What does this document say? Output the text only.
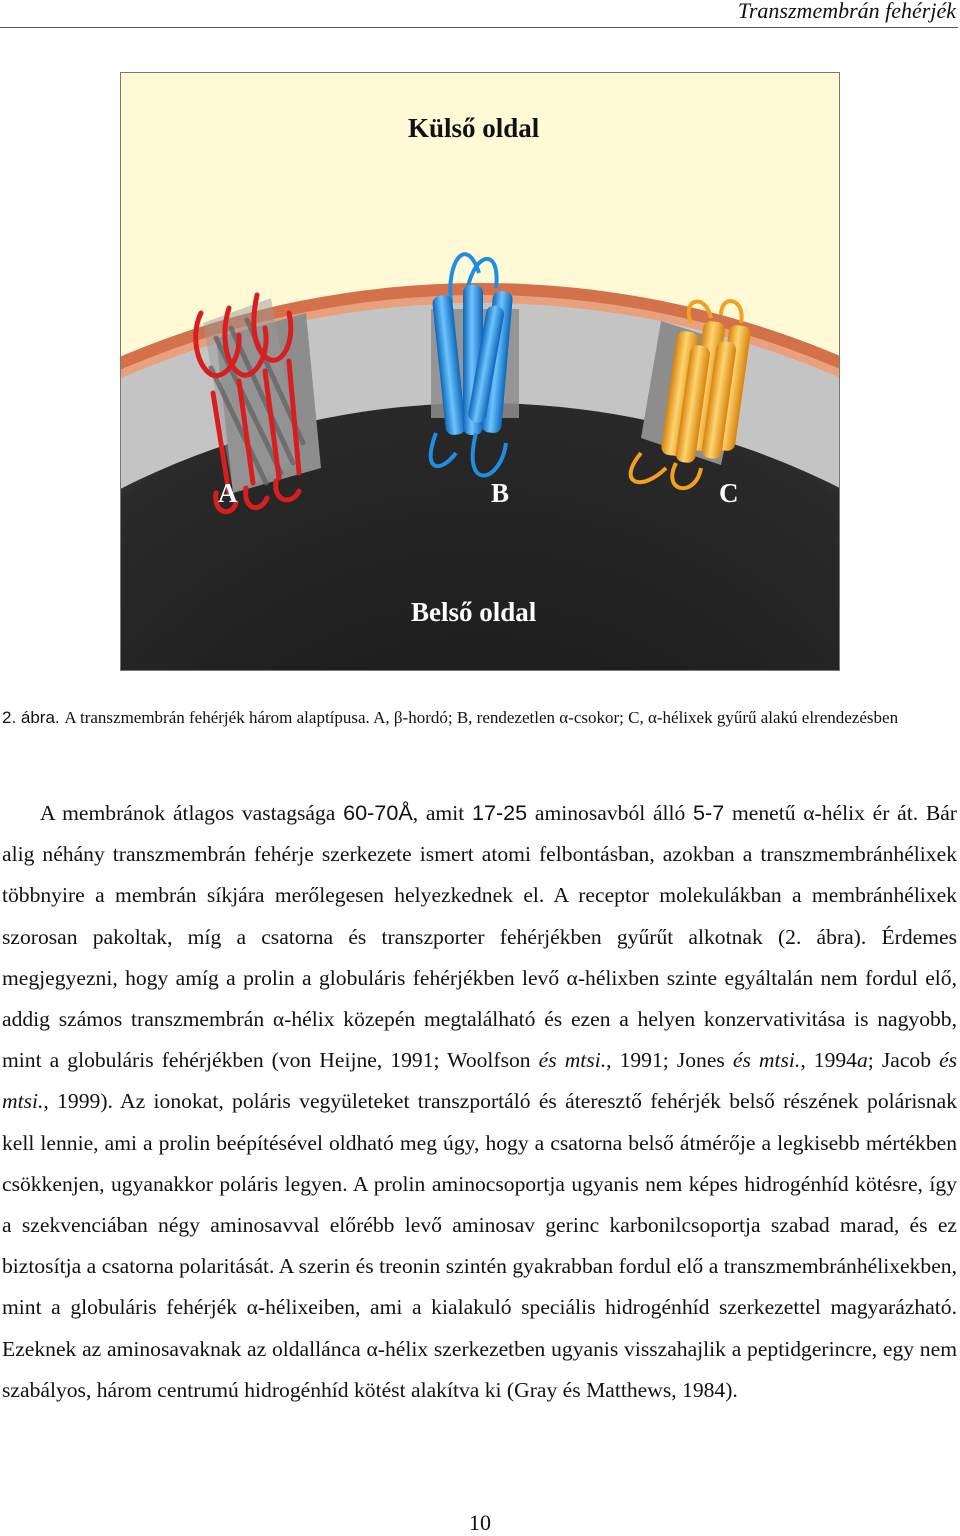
Transzmembrán fehérjék
Külső oldal
A	B	C
Belső oldal
2. ábra. A transzmembrán fehérjék három alaptípusa. A, β-hordó; B, rendezetlen α-csokor; C, α-hélixek gyűrű alakú elrendezésben

A membránok átlagos vastagsága 60-70Å, amit 17-25 aminosavból álló 5-7 menetű α-hélix ér át. Bár alig néhány transzmembrán fehérje szerkezete ismert atomi felbontásban, azokban a transzmembránhélixek többnyire a membrán síkjára merőlegesen helyezkednek el. A receptor molekulákban a membránhélixek szorosan pakoltak, míg a csatorna és transzporter fehérjékben gyűrűt alkotnak (2. ábra). Érdemes megjegyezni, hogy amíg a prolin a globuláris fehérjékben levő α-hélixben szinte egyáltalán nem fordul elő, addig számos transzmembrán α-hélix közepén megtalálható és ezen a helyen konzervativitása is nagyobb, mint a globuláris fehérjékben (von Heijne, 1991; Woolfson és mtsi., 1991; Jones és mtsi., 1994a; Jacob és mtsi., 1999). Az ionokat, poláris vegyületeket transzportáló és áteresztő fehérjék belső részének polárisnak kell lennie, ami a prolin beépítésével oldható meg úgy, hogy a csatorna belső átmérője a legkisebb mértékben csökkenjen, ugyanakkor poláris legyen. A prolin aminocsoportja ugyanis nem képes hidrogénhíd kötésre, így a szekvenciában négy aminosavval előrébb levő aminosav gerinc karbonilcsoportja szabad marad, és ez biztosítja a csatorna polaritását. A szerin és treonin szintén gyakrabban fordul elő a transzmembránhélixekben, mint a globuláris fehérjék α-hélixeiben, ami a kialakuló speciális hidrogénhíd szerkezettel magyarázható. Ezeknek az aminosavaknak az oldallánca α-hélix szerkezetben ugyanis visszahajlik a peptidgerincre, egy nem szabályos, három centrumú hidrogénhíd kötést alakítva ki (Gray és Matthews, 1984).

10
